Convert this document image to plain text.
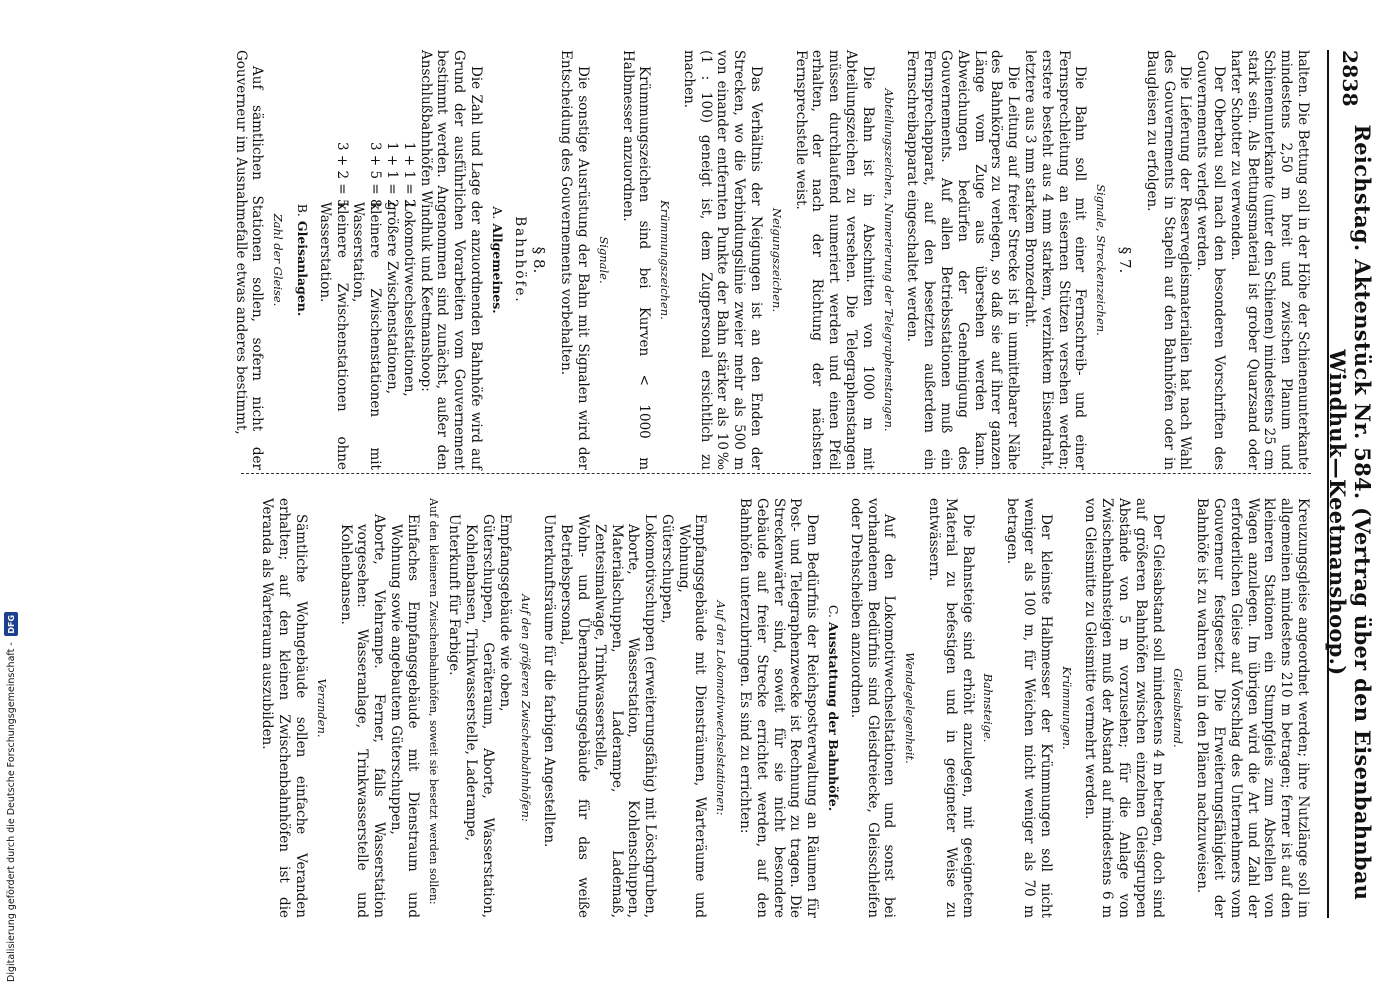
2838
Reichstag. Aktenstück Nr. 584. (Vertrag über den Eisenbahnbau Windhuk—Keetmanshoop.)

halten. Die Bettung soll in der Höhe der Schienenunterkante mindestens 2,50 m breit und zwischen Planum und Schienenunterkante (unter den Schienen) mindestens 25 cm stark sein. Als Bettungsmaterial ist grober Quarzsand oder harter Schotter zu verwenden.

Der Oberbau soll nach den besonderen Vorschriften des Gouvernements verlegt werden.

Die Lieferung der Reservegleismaterialien hat nach Wahl des Gouvernements in Stapeln auf den Bahnhöfen oder in Baugleisen zu erfolgen.

§ 7.
Signale, Streckenzeichen.

Die Bahn soll mit einer Fernschreib- und einer Fernsprechleitung an eisernen Stützen versehen werden; erstere besteht aus 4 mm starkem, verzinktem Eisendraht, letztere aus 3 mm starkem Bronzedraht.

Die Leitung auf freier Strecke ist in unmittelbarer Nähe des Bahnkörpers zu verlegen, so daß sie auf ihrer ganzen Länge vom Zuge aus übersehen werden kann. Abweichungen bedürfen der Genehmigung des Gouvernements. Auf allen Betriebsstationen muß ein Fernsprechapparat, auf den besetzten außerdem ein Fernschreibapparat eingeschaltet werden.

Abteilungszeichen, Numerierung der Telegraphenstangen.

Die Bahn ist in Abschnitten von 1000 m mit Abteilungszeichen zu versehen. Die Telegraphenstangen müssen durchlaufend numeriert werden und einen Pfeil erhalten, der nach der Richtung der nächsten Fernsprechstelle weist.

Neigungszeichen.

Das Verhältnis der Neigungen ist an den Enden der Strecken, wo die Verbindungslinie zweier mehr als 500 m von einander entfernten Punkte der Bahn stärker als 10‰ (1 : 100) geneigt ist, dem Zugpersonal ersichtlich zu machen.

Krümmungszeichen.

Krümmungszeichen sind bei Kurven < 1000 m Halbmesser anzuordnen.

Signale.

Die sonstige Ausrüstung der Bahn mit Signalen wird der Entscheidung des Gouvernements vorbehalten.

§ 8.
Bahnhöfe.
A. Allgemeines.

Die Zahl und Lage der anzuordnenden Bahnhöfe wird auf Grund der ausführlichen Vorarbeiten vom Gouvernement bestimmt werden. Angenommen sind zunächst, außer den Anschlußbahnhöfen Windhuk und Keetmanshoop:

1 + 1 = 2
Lokomotivwechselstationen,
1 + 1 = 2
größere Zwischenstationen,
3 + 5 = 8
kleinere Zwischenstationen mit Wasserstation,
3 + 2 = 5
kleinere Zwischenstationen ohne Wasserstation.
B. Gleisanlagen.
Zahl der Gleise.

Auf sämtlichen Stationen sollen, sofern nicht der Gouverneur im Ausnahmefalle etwas anderes bestimmt,

Kreuzungsgleise angeordnet werden; ihre Nutzlänge soll im allgemeinen mindestens 210 m betragen; ferner ist auf den kleineren Stationen ein Stumpfgleis zum Abstellen von Wagen anzulegen. Im übrigen wird die Art und Zahl der erforderlichen Gleise auf Vorschlag des Unternehmers vom Gouverneur festgesetzt. Die Erweiterungsfähigkeit der Bahnhöfe ist zu wahren und in den Plänen nachzuweisen.

Gleisabstand.

Der Gleisabstand soll mindestens 4 m betragen, doch sind auf größeren Bahnhöfen zwischen einzelnen Gleisgruppen Abstände von 5 m vorzusehen; für die Anlage von Zwischenbahnsteigen muß der Abstand auf mindestens 6 m von Gleismitte zu Gleismitte vermehrt werden.

Krümmungen.

Der kleinste Halbmesser der Krümmungen soll nicht weniger als 100 m, für Weichen nicht weniger als 70 m betragen.

Bahnsteige.

Die Bahnsteige sind erhöht anzulegen, mit geeignetem Material zu befestigen und in geeigneter Weise zu entwässern.

Wendegelegenheit.

Auf den Lokomotivwechselstationen und sonst bei vorhandenem Bedürfnis sind Gleisdreiecke, Gleisschleifen oder Drehscheiben anzuordnen.

C. Ausstattung der Bahnhöfe.

Dem Bedürfnis der Reichspostverwaltung an Räumen für Post- und Telegraphenzwecke ist Rechnung zu tragen. Die Streckenwärter sind, soweit für sie nicht besondere Gebäude auf freier Strecke errichtet werden, auf den Bahnhöfen unterzubringen. Es sind zu errichten:

Auf den Lokomotivwechselstationen:

Empfangsgebäude mit Diensträumen, Warteräume und Wohnung,

Güterschuppen,

Lokomotivschuppen (erweiterungsfähig) mit Löschgruben, Aborte, Wasserstation, Kohlenschuppen, Materialschuppen, Laderampe, Lademaß, Zentesimalwage, Trinkwasserstelle,

Wohn- und Übernachtungsgebäude für das weiße Betriebspersonal,

Unterkunftsräume für die farbigen Angestellten.

Auf den größeren Zwischenbahnhöfen:

Empfangsgebäude wie oben,

Güterschuppen, Geräteraum, Aborte, Wasserstation, Kohlenbansen, Trinkwasserstelle, Laderampe,

Unterkunft für Farbige.

Auf den kleineren Zwischenbahnhöfen, soweit sie besetzt werden sollen:

Einfaches Empfangsgebäude mit Dienstraum und Wohnung sowie angebautem Güterschuppen,

Aborte, Viehrampe. Ferner, falls Wasserstation vorgesehen: Wasseranlage, Trinkwasserstelle und Kohlenbansen.

Veranden.

Sämtliche Wohngebäude sollen einfache Veranden erhalten; auf den kleinen Zwischenbahnhöfen ist die Veranda als Warteraum auszubilden.

Digitalisierung gefördert durch die Deutsche Forschungsgemeinschaft -
DFG
